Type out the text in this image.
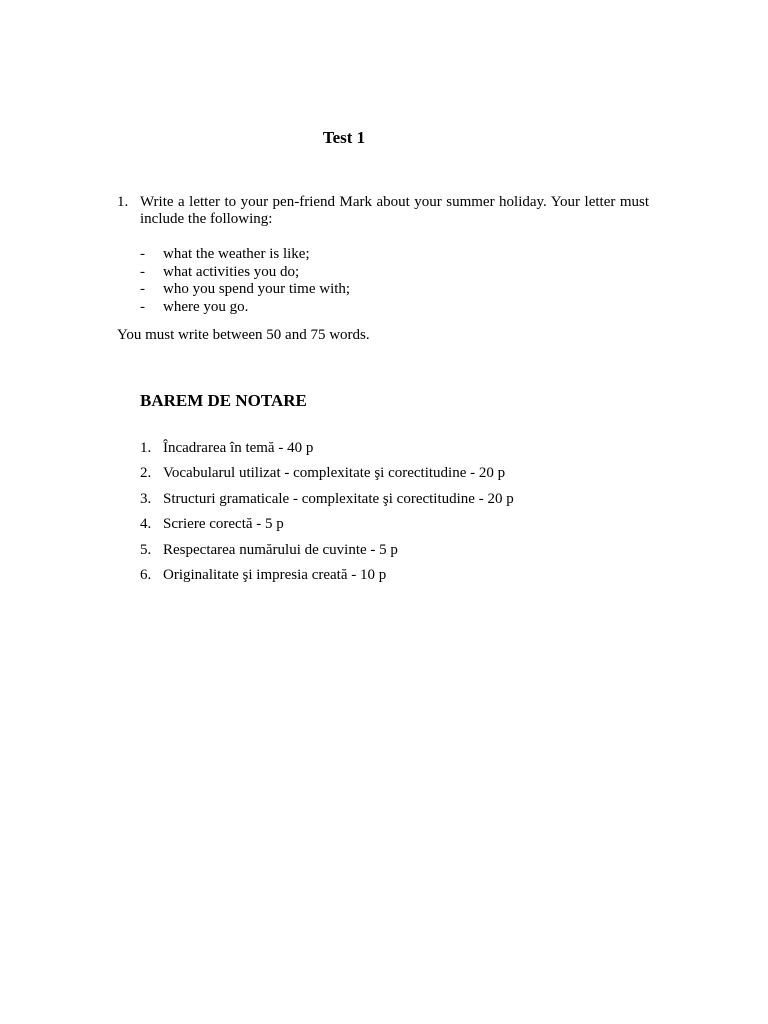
Test 1
1. Write a letter to your pen-friend Mark about your summer holiday. Your letter must include the following:
-	what the weather is like;
-	what activities you do;
-	who you spend your time with;
-	where you go.
You must write between 50 and 75 words.
BAREM DE NOTARE
1. Încadrarea în temă - 40 p
2. Vocabularul utilizat - complexitate şi corectitudine - 20 p
3. Structuri gramaticale - complexitate şi corectitudine - 20 p
4. Scriere corectă - 5 p
5. Respectarea numărului de cuvinte - 5 p
6. Originalitate şi impresia creată - 10 p
